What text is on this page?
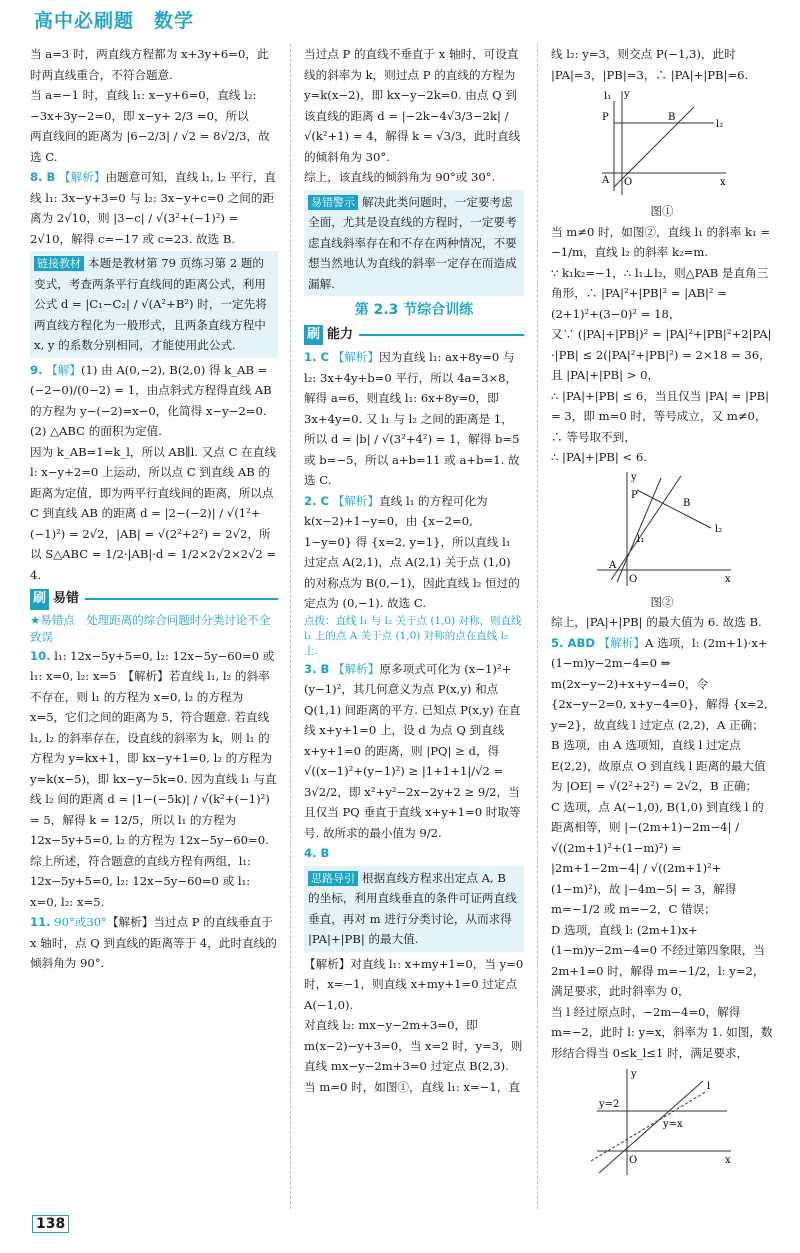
高中必刷题　数学

当 a=3 时，两直线方程都为 x+3y+6=0，此时两直线重合，不符合题意.

当 a=−1 时，直线 l₁: x−y+6=0，直线 l₂: −3x+3y−2=0，即 x−y+ 2/3 =0，所以

两直线间的距离为 |6−2/3| / √2 = 8√2/3，故选 C.

8. B 【解析】由题意可知，直线 l₁, l₂ 平行，直线 l₁: 3x−y+3=0 与 l₂: 3x−y+c=0 之间的距离为 2√10，则 |3−c| / √(3²+(−1)²) = 2√10，解得 c=−17 或 c=23. 故选 B.

链接教材 本题是教材第 79 页练习第 2 题的变式，考查两条平行直线间的距离公式，利用公式 d = |C₁−C₂| / √(A²+B²) 时，一定先将两直线方程化为一般形式，且两条直线方程中 x, y 的系数分别相同，才能使用此公式.

9. 【解】(1) 由 A(0,−2), B(2,0) 得 k_AB = (−2−0)/(0−2) = 1，由点斜式方程得直线 AB 的方程为 y−(−2)=x−0，化简得 x−y−2=0.

(2) △ABC 的面积为定值.

因为 k_AB=1=k_l，所以 AB∥l. 又点 C 在直线 l: x−y+2=0 上运动，所以点 C 到直线 AB 的距离为定值，即为两平行直线间的距离，所以点 C 到直线 AB 的距离 d = |2−(−2)| / √(1²+(−1)²) = 2√2，|AB| = √(2²+2²) = 2√2，所以 S△ABC = 1/2·|AB|·d = 1/2×2√2×2√2 = 4.

刷 易错
★易错点　处理距离的综合问题时分类讨论不全致误

10. l₁: 12x−5y+5=0, l₂: 12x−5y−60=0 或 l₁: x=0, l₂: x=5　【解析】若直线 l₁, l₂ 的斜率不存在，则 l₁ 的方程为 x=0, l₂ 的方程为 x=5，它们之间的距离为 5，符合题意. 若直线 l₁, l₂ 的斜率存在，设直线的斜率为 k，则 l₁ 的方程为 y=kx+1，即 kx−y+1=0, l₂ 的方程为 y=k(x−5)，即 kx−y−5k=0. 因为直线 l₁ 与直线 l₂ 间的距离 d = |1−(−5k)| / √(k²+(−1)²) = 5，解得 k = 12/5，所以 l₁ 的方程为 12x−5y+5=0, l₂ 的方程为 12x−5y−60=0. 综上所述，符合题意的直线方程有两组，l₁: 12x−5y+5=0, l₂: 12x−5y−60=0 或 l₁: x=0, l₂: x=5.

11. 90°或30°【解析】当过点 P 的直线垂直于 x 轴时，点 Q 到直线的距离等于 4，此时直线的倾斜角为 90°.

当过点 P 的直线不垂直于 x 轴时，可设直线的斜率为 k，则过点 P 的直线的方程为 y=k(x−2)，即 kx−y−2k=0. 由点 Q 到该直线的距离 d = |−2k−4√3/3−2k| / √(k²+1) = 4，解得 k = √3/3，此时直线的倾斜角为 30°.

综上，该直线的倾斜角为 90°或 30°.

易错警示 解决此类问题时，一定要考虑全面，尤其是设直线的方程时，一定要考虑直线斜率存在和不存在两种情况，不要想当然地认为直线的斜率一定存在而造成漏解.
第 2.3 节综合训练
刷 能力

1. C 【解析】因为直线 l₁: ax+8y=0 与 l₂: 3x+4y+b=0 平行，所以 4a=3×8，解得 a=6，则直线 l₁: 6x+8y=0，即 3x+4y=0. 又 l₁ 与 l₂ 之间的距离是 1，所以 d = |b| / √(3²+4²) = 1，解得 b=5 或 b=−5，所以 a+b=11 或 a+b=1. 故选 C.

2. C 【解析】直线 l₁ 的方程可化为 k(x−2)+1−y=0，由 {x−2=0, 1−y=0} 得 {x=2, y=1}，所以直线 l₁ 过定点 A(2,1)，点 A(2,1) 关于点 (1,0) 的对称点为 B(0,−1)，因此直线 l₂ 恒过的定点为 (0,−1). 故选 C.

点拨：直线 l₁ 与 l₂ 关于点 (1,0) 对称，则直线 l₁ 上的点 A 关于点 (1,0) 对称的点在直线 l₂ 上.

3. B 【解析】原多项式可化为 (x−1)²+(y−1)²，其几何意义为点 P(x,y) 和点 Q(1,1) 间距离的平方. 已知点 P(x,y) 在直线 x+y+1=0 上，设 d 为点 Q 到直线 x+y+1=0 的距离，则 |PQ| ≥ d，得 √((x−1)²+(y−1)²) ≥ |1+1+1|/√2 = 3√2/2，即 x²+y²−2x−2y+2 ≥ 9/2，当且仅当 PQ 垂直于直线 x+y+1=0 时取等号. 故所求的最小值为 9/2.

4. B

思路导引 根据直线方程求出定点 A, B 的坐标，利用直线垂直的条件可证两直线垂直，再对 m 进行分类讨论，从而求得 |PA|+|PB| 的最大值.

【解析】对直线 l₁: x+my+1=0，当 y=0 时，x=−1，则直线 x+my+1=0 过定点 A(−1,0).

对直线 l₂: mx−y−2m+3=0，即 m(x−2)−y+3=0，当 x=2 时，y=3，则直线 mx−y−2m+3=0 过定点 B(2,3).

当 m=0 时，如图①，直线 l₁: x=−1，直

线 l₂: y=3，则交点 P(−1,3)，此时 |PA|=3，|PB|=3，∴ |PA|+|PB|=6.

l₁ y
P	B
l₂
A O	x
图①

当 m≠0 时，如图②，直线 l₁ 的斜率 k₁ = −1/m，直线 l₂ 的斜率 k₂=m.

∵ k₁k₂=−1，∴ l₁⊥l₂，则△PAB 是直角三角形，∴ |PA|²+|PB|² = |AB|² = (2+1)²+(3−0)² = 18，

又∵ (|PA|+|PB|)² = |PA|²+|PB|²+2|PA|·|PB| ≤ 2(|PA|²+|PB|²) = 2×18 = 36，且 |PA|+|PB| > 0，

∴ |PA|+|PB| ≤ 6，当且仅当 |PA| = |PB| = 3，即 m=0 时，等号成立，又 m≠0，∴ 等号取不到，

∴ |PA|+|PB| < 6.

y
l₂
l₁
B
P
A
O	x
图②

综上，|PA|+|PB| 的最大值为 6. 故选 B.

5. ABD 【解析】A 选项，l: (2m+1)·x+(1−m)y−2m−4=0 ⇒ m(2x−y−2)+x+y−4=0，令 {2x−y−2=0, x+y−4=0}，解得 {x=2, y=2}，故直线 l 过定点 (2,2)，A 正确；

B 选项，由 A 选项知，直线 l 过定点 E(2,2)，故原点 O 到直线 l 距离的最大值为 |OE| = √(2²+2²) = 2√2，B 正确；

C 选项，点 A(−1,0), B(1,0) 到直线 l 的距离相等，则 |−(2m+1)−2m−4| / √((2m+1)²+(1−m)²) = |2m+1−2m−4| / √((2m+1)²+(1−m)²)，故 |−4m−5| = 3，解得 m=−1/2 或 m=−2，C 错误；

D 选项，直线 l: (2m+1)x+(1−m)y−2m−4=0 不经过第四象限，当 2m+1=0 时，解得 m=−1/2，l: y=2，满足要求，此时斜率为 0，

当 l 经过原点时，−2m−4=0，解得 m=−2，此时 l: y=x，斜率为 1. 如图，数形结合得当 0≤k_l≤1 时，满足要求，

y
y=2
l
y=x
O	x
138
